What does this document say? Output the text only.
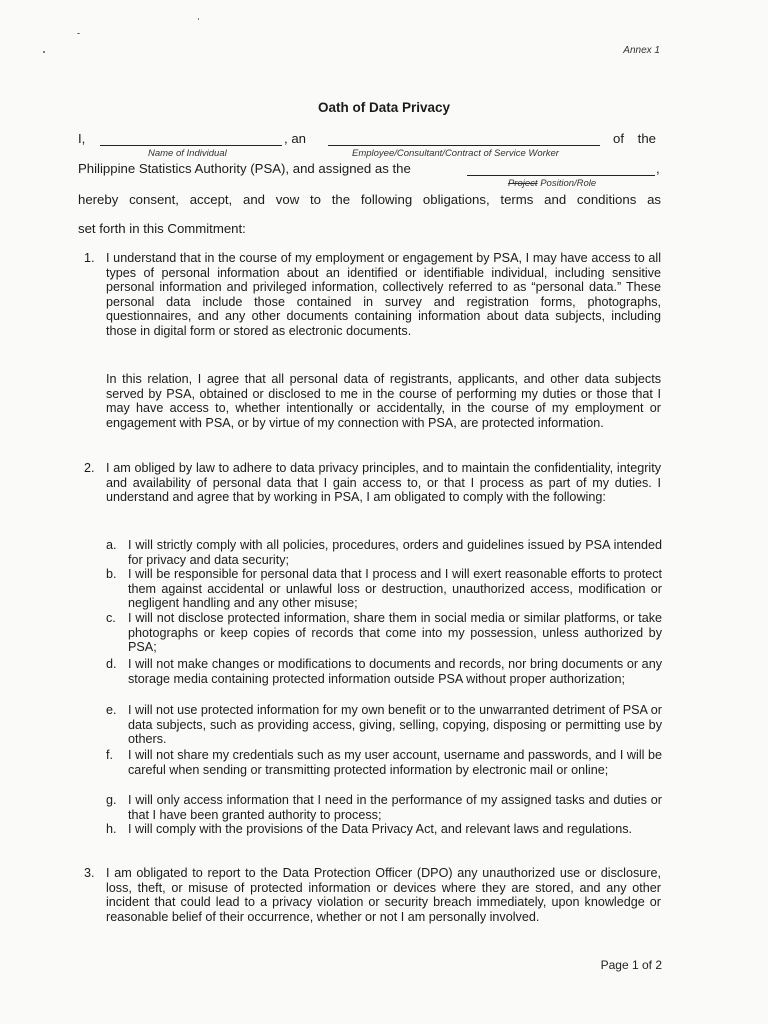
Annex 1
Oath of Data Privacy
I,	, an	of the
Name of Individual	Employee/Consultant/Contract of Service Worker
Philippine Statistics Authority (PSA), and assigned as the	,
Project Position/Role
hereby consent, accept, and vow to the following obligations, terms and conditions as
set forth in this Commitment:
1. I understand that in the course of my employment or engagement by PSA, I may have access to all types of personal information about an identified or identifiable individual, including sensitive personal information and privileged information, collectively referred to as “personal data.” These personal data include those contained in survey and registration forms, photographs, questionnaires, and any other documents containing information about data subjects, including those in digital form or stored as electronic documents.
In this relation, I agree that all personal data of registrants, applicants, and other data subjects served by PSA, obtained or disclosed to me in the course of performing my duties or those that I may have access to, whether intentionally or accidentally, in the course of my employment or engagement with PSA, or by virtue of my connection with PSA, are protected information.
2. I am obliged by law to adhere to data privacy principles, and to maintain the confidentiality, integrity and availability of personal data that I gain access to, or that I process as part of my duties. I understand and agree that by working in PSA, I am obligated to comply with the following:
a. I will strictly comply with all policies, procedures, orders and guidelines issued by PSA intended for privacy and data security;
b. I will be responsible for personal data that I process and I will exert reasonable efforts to protect them against accidental or unlawful loss or destruction, unauthorized access, modification or negligent handling and any other misuse;
c. I will not disclose protected information, share them in social media or similar platforms, or take photographs or keep copies of records that come into my possession, unless authorized by PSA;
d. I will not make changes or modifications to documents and records, nor bring documents or any storage media containing protected information outside PSA without proper authorization;
e. I will not use protected information for my own benefit or to the unwarranted detriment of PSA or data subjects, such as providing access, giving, selling, copying, disposing or permitting use by others.
f. I will not share my credentials such as my user account, username and passwords, and I will be careful when sending or transmitting protected information by electronic mail or online;
g. I will only access information that I need in the performance of my assigned tasks and duties or that I have been granted authority to process;
h. I will comply with the provisions of the Data Privacy Act, and relevant laws and regulations.
3. I am obligated to report to the Data Protection Officer (DPO) any unauthorized use or disclosure, loss, theft, or misuse of protected information or devices where they are stored, and any other incident that could lead to a privacy violation or security breach immediately, upon knowledge or reasonable belief of their occurrence, whether or not I am personally involved.
Page 1 of 2
